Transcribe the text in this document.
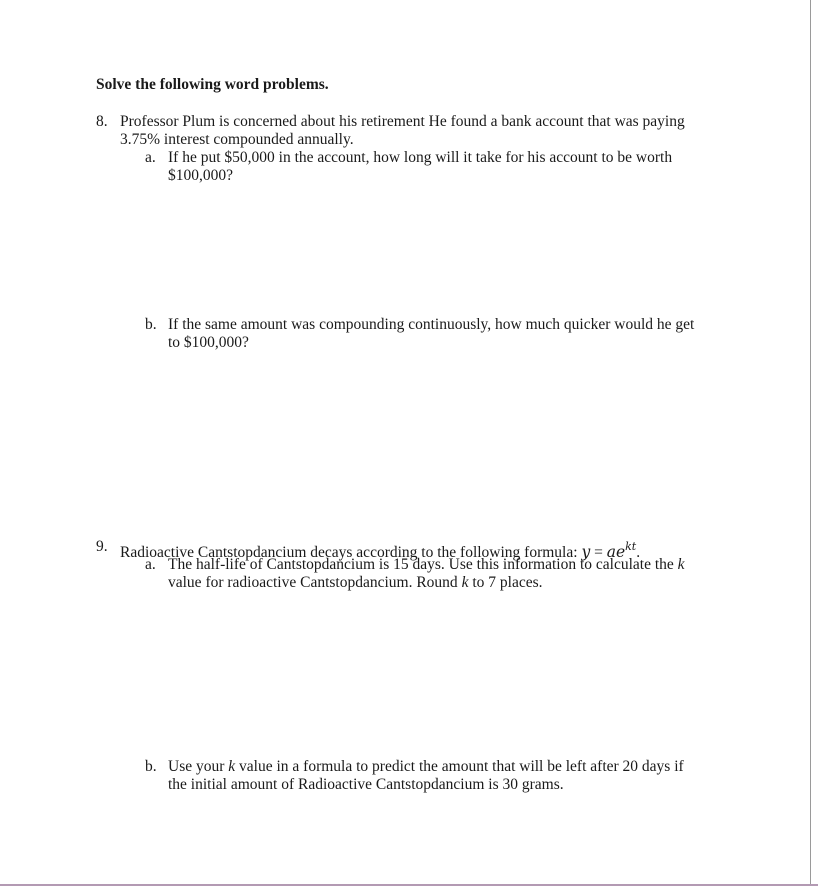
Solve the following word problems.
8. Professor Plum is concerned about his retirement He found a bank account that was paying
3.75% interest compounded annually.
a. If he put $50,000 in the account, how long will it take for his account to be worth
$100,000?
b. If the same amount was compounding continuously, how much quicker would he get
to $100,000?
9. Radioactive Cantstopdancium decays according to the following formula: $y = ae^{kt}$.
a. The half-life of Cantstopdancium is 15 days. Use this information to calculate the k
value for radioactive Cantstopdancium. Round k to 7 places.
b. Use your k value in a formula to predict the amount that will be left after 20 days if
the initial amount of Radioactive Cantstopdancium is 30 grams.
